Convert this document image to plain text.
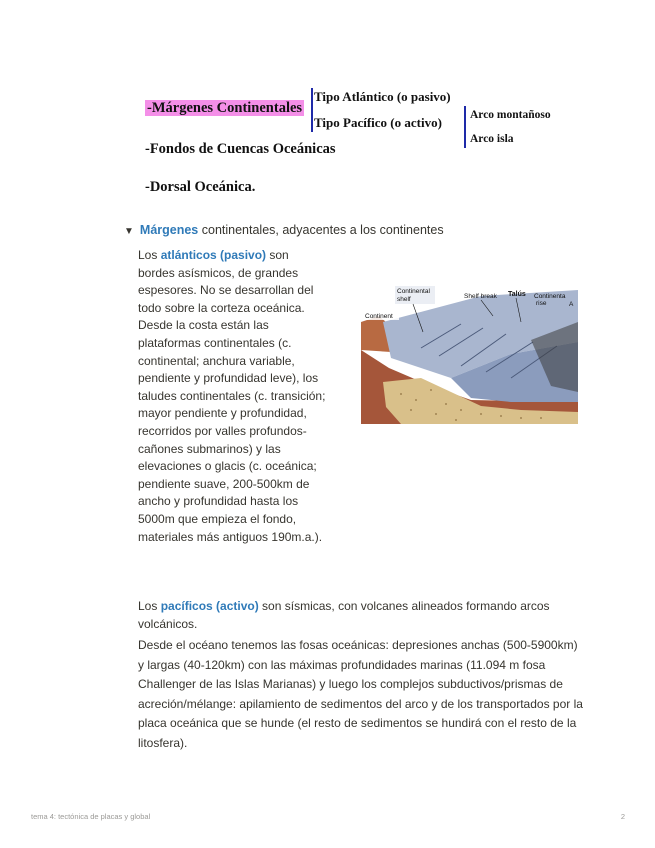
-Márgenes Continentales
Tipo Atlántico (o pasivo)
Tipo Pacífico (o activo) Arco montañoso
Arco isla
-Fondos de Cuencas Oceánicas
-Dorsal Oceánica.
▼ Márgenes continentales, adyacentes a los continentes
Los atlánticos (pasivo) son bordes asísmicos, de grandes espesores. No se desarrollan del todo sobre la corteza oceánica. Desde la costa están las plataformas continentales (c. continental; anchura variable, pendiente y profundidad leve), los taludes continentales (c. transición; mayor pendiente y profundidad, recorridos por valles profundos-cañones submarinos) y las elevaciones o glacis (c. oceánica; pendiente suave, 200-500km de ancho y profundidad hasta los 5000m que empieza el fondo, materiales más antiguos 190m.a.).
Continental
shelf	Shelf break Talús Continenta
rise	A
Continent
Los pacíficos (activo) son sísmicas, con volcanes alineados formando arcos volcánicos.
Desde el océano tenemos las fosas oceánicas: depresiones anchas (500-5900km) y largas (40-120km) con las máximas profundidades marinas (11.094 m fosa Challenger de las Islas Marianas) y luego los complejos subductivos/prismas de acreción/mélange: apilamiento de sedimentos del arco y de los transportados por la placa oceánica que se hunde (el resto de sedimentos se hundirá con el resto de la litosfera).
tema 4: tectónica de placas y global	2
